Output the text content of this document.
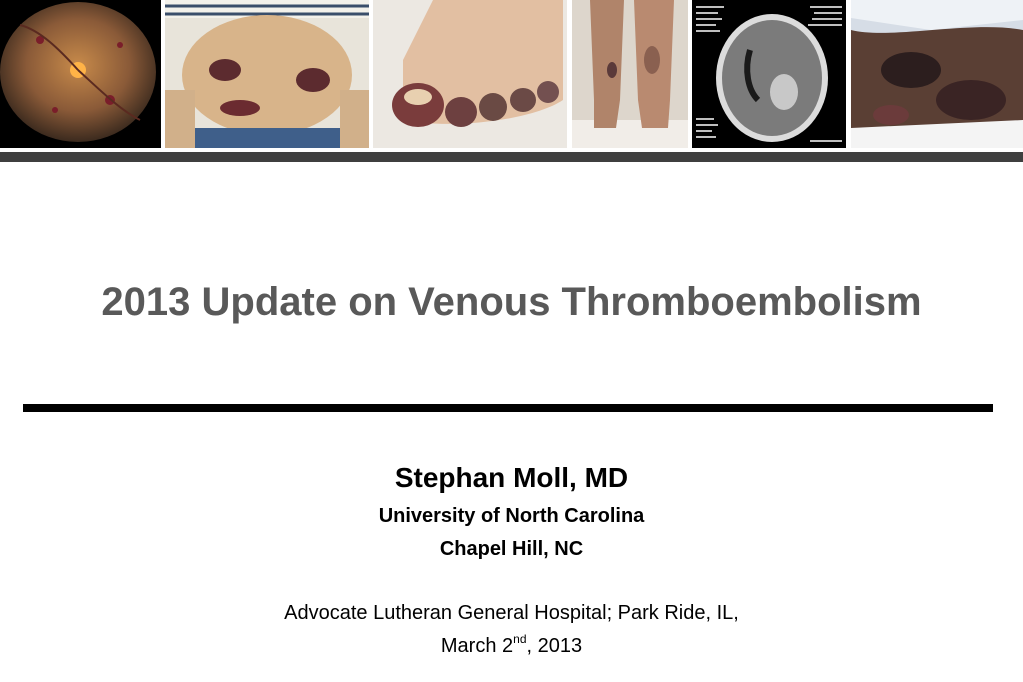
2013 Update on Venous Thromboembolism
Stephan Moll, MD
University of North Carolina
Chapel Hill, NC
Advocate Lutheran General Hospital; Park Ride, IL,
March 2nd, 2013
